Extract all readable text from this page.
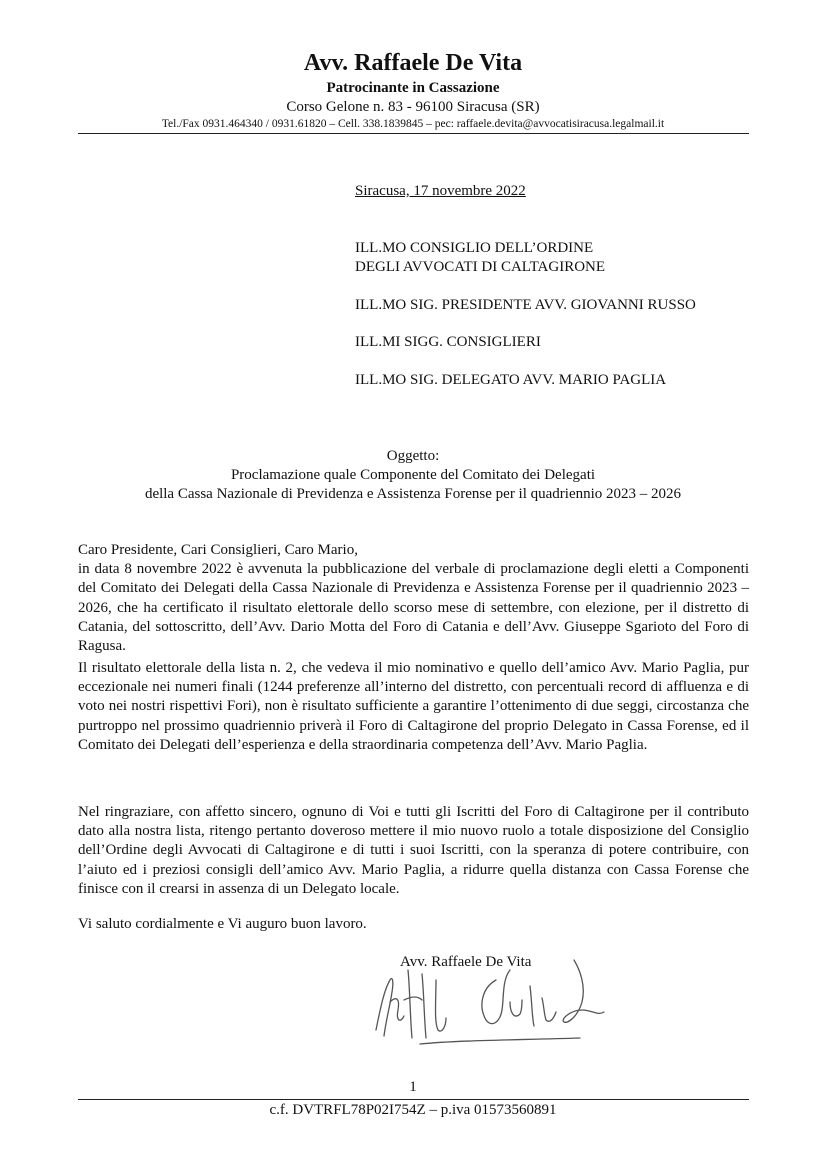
Avv. Raffaele De Vita
Patrocinante in Cassazione
Corso Gelone n. 83 - 96100 Siracusa (SR)
Tel./Fax 0931.464340 / 0931.61820 – Cell. 338.1839845 – pec: raffaele.devita@avvocatisiracusa.legalmail.it
Siracusa, 17 novembre 2022
ILL.MO CONSIGLIO DELL’ORDINE
DEGLI AVVOCATI DI CALTAGIRONE
ILL.MO SIG. PRESIDENTE AVV. GIOVANNI RUSSO
ILL.MI SIGG. CONSIGLIERI
ILL.MO SIG. DELEGATO AVV. MARIO PAGLIA
Oggetto:
Proclamazione quale Componente del Comitato dei Delegati
della Cassa Nazionale di Previdenza e Assistenza Forense per il quadriennio 2023 – 2026
Caro Presidente, Cari Consiglieri, Caro Mario,
in data 8 novembre 2022 è avvenuta la pubblicazione del verbale di proclamazione degli eletti a Componenti del Comitato dei Delegati della Cassa Nazionale di Previdenza e Assistenza Forense per il quadriennio 2023 – 2026, che ha certificato il risultato elettorale dello scorso mese di settembre, con elezione, per il distretto di Catania, del sottoscritto, dell’Avv. Dario Motta del Foro di Catania e dell’Avv. Giuseppe Sgarioto del Foro di Ragusa.
Il risultato elettorale della lista n. 2, che vedeva il mio nominativo e quello dell’amico Avv. Mario Paglia, pur eccezionale nei numeri finali (1244 preferenze all’interno del distretto, con percentuali record di affluenza e di voto nei nostri rispettivi Fori), non è risultato sufficiente a garantire l’ottenimento di due seggi, circostanza che purtroppo nel prossimo quadriennio priverà il Foro di Caltagirone del proprio Delegato in Cassa Forense, ed il Comitato dei Delegati dell’esperienza e della straordinaria competenza dell’Avv. Mario Paglia.
Nel ringraziare, con affetto sincero, ognuno di Voi e tutti gli Iscritti del Foro di Caltagirone per il contributo dato alla nostra lista, ritengo pertanto doveroso mettere il mio nuovo ruolo a totale disposizione del Consiglio dell’Ordine degli Avvocati di Caltagirone e di tutti i suoi Iscritti, con la speranza di potere contribuire, con l’aiuto ed i preziosi consigli dell’amico Avv. Mario Paglia, a ridurre quella distanza con Cassa Forense che finisce con il crearsi in assenza di un Delegato locale.
Vi saluto cordialmente e Vi auguro buon lavoro.
Avv. Raffaele De Vita
1
c.f. DVTRFL78P02I754Z – p.iva 01573560891
